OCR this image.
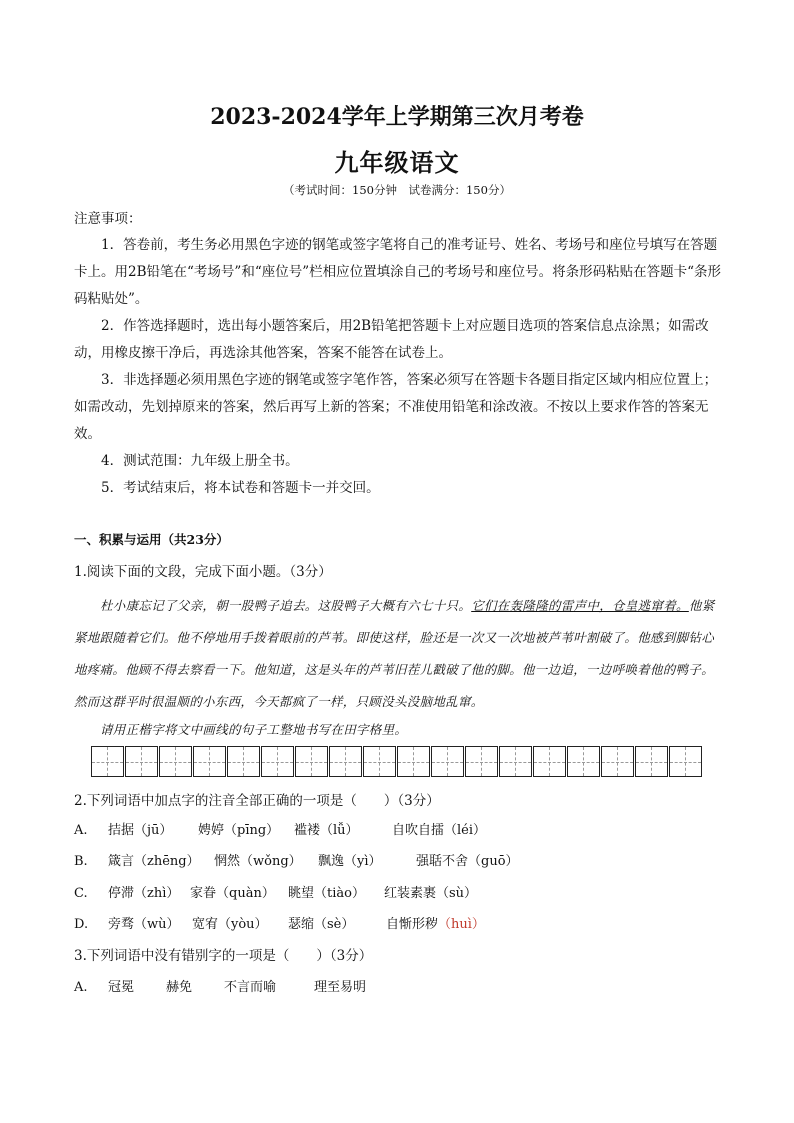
2023-2024学年上学期第三次月考卷
九年级语文
（考试时间：150分钟　试卷满分：150分）
注意事项：
1．答卷前，考生务必用黑色字迹的钢笔或签字笔将自己的准考证号、姓名、考场号和座位号填写在答题卡上。用2B铅笔在“考场号”和“座位号”栏相应位置填涂自己的考场号和座位号。将条形码粘贴在答题卡“条形码粘贴处”。
2．作答选择题时，选出每小题答案后，用2B铅笔把答题卡上对应题目选项的答案信息点涂黑；如需改动，用橡皮擦干净后，再选涂其他答案，答案不能答在试卷上。
3．非选择题必须用黑色字迹的钢笔或签字笔作答，答案必须写在答题卡各题目指定区域内相应位置上；如需改动，先划掉原来的答案，然后再写上新的答案；不准使用铅笔和涂改液。不按以上要求作答的答案无效。
4．测试范围：九年级上册全书。
5．考试结束后，将本试卷和答题卡一并交回。
一、积累与运用（共23分）
1.阅读下面的文段，完成下面小题。（3分）
杜小康忘记了父亲，朝一股鸭子追去。这股鸭子大概有六七十只。它们在轰隆隆的雷声中，仓皇逃窜着。他紧紧地跟随着它们。他不停地用手拨着眼前的芦苇。即使这样，脸还是一次又一次地被芦苇叶割破了。他感到脚钻心地疼痛。他顾不得去察看一下。他知道，这是头年的芦苇旧茬儿戳破了他的脚。他一边追，一边呼唤着他的鸭子。然而这群平时很温顺的小东西，今天都疯了一样，只顾没头没脑地乱窜。
请用正楷字将文中画线的句子工整地书写在田字格里。
2.下列词语中加点字的注音全部正确的一项是（　　）（3分）
A. 拮据（jū） 娉婷（pīng） 褴褛（lǚ）	自吹自擂（léi）
B. 箴言（zhēng） 惘然（wǒng） 飘逸（yì）	强聒不舍（guō）
C. 停滞（zhì） 家眷（quàn） 眺望（tiào） 红装素裹（sù）
D. 旁骛（wù） 宽宥（yòu） 瑟缩（sè） 自惭形秽（huì）
3.下列词语中没有错别字的一项是（　　）（3分）
A. 冠冕 赫免 不言而喻	理至易明
